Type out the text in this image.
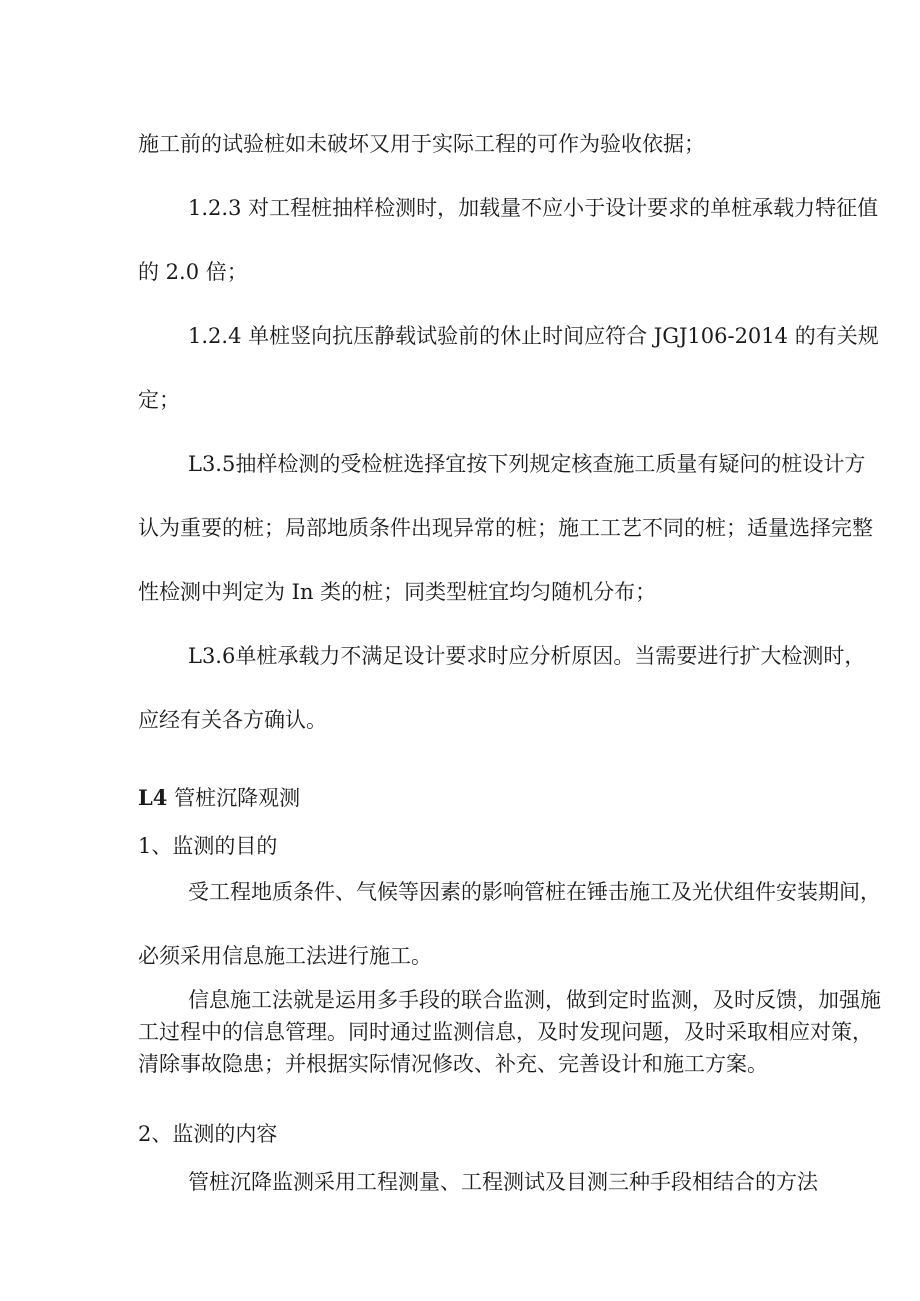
施工前的试验桩如未破坏又用于实际工程的可作为验收依据；

1.2.3 对工程桩抽样检测时，加载量不应小于设计要求的单桩承载力特征值的 2.0 倍；

1.2.4 单桩竖向抗压静载试验前的休止时间应符合 JGJ106-2014 的有关规定；

L3.5抽样检测的受检桩选择宜按下列规定核查施工质量有疑问的桩设计方认为重要的桩；局部地质条件出现异常的桩；施工工艺不同的桩；适量选择完整性检测中判定为 In 类的桩；同类型桩宜均匀随机分布；

L3.6单桩承载力不满足设计要求时应分析原因。当需要进行扩大检测时，应经有关各方确认。

L4 管桩沉降观测

1、监测的目的

受工程地质条件、气候等因素的影响管桩在锤击施工及光伏组件安装期间，必须采用信息施工法进行施工。

信息施工法就是运用多手段的联合监测，做到定时监测，及时反馈，加强施工过程中的信息管理。同时通过监测信息，及时发现问题，及时采取相应对策，清除事故隐患；并根据实际情况修改、补充、完善设计和施工方案。

2、监测的内容

管桩沉降监测采用工程测量、工程测试及目测三种手段相结合的方法
